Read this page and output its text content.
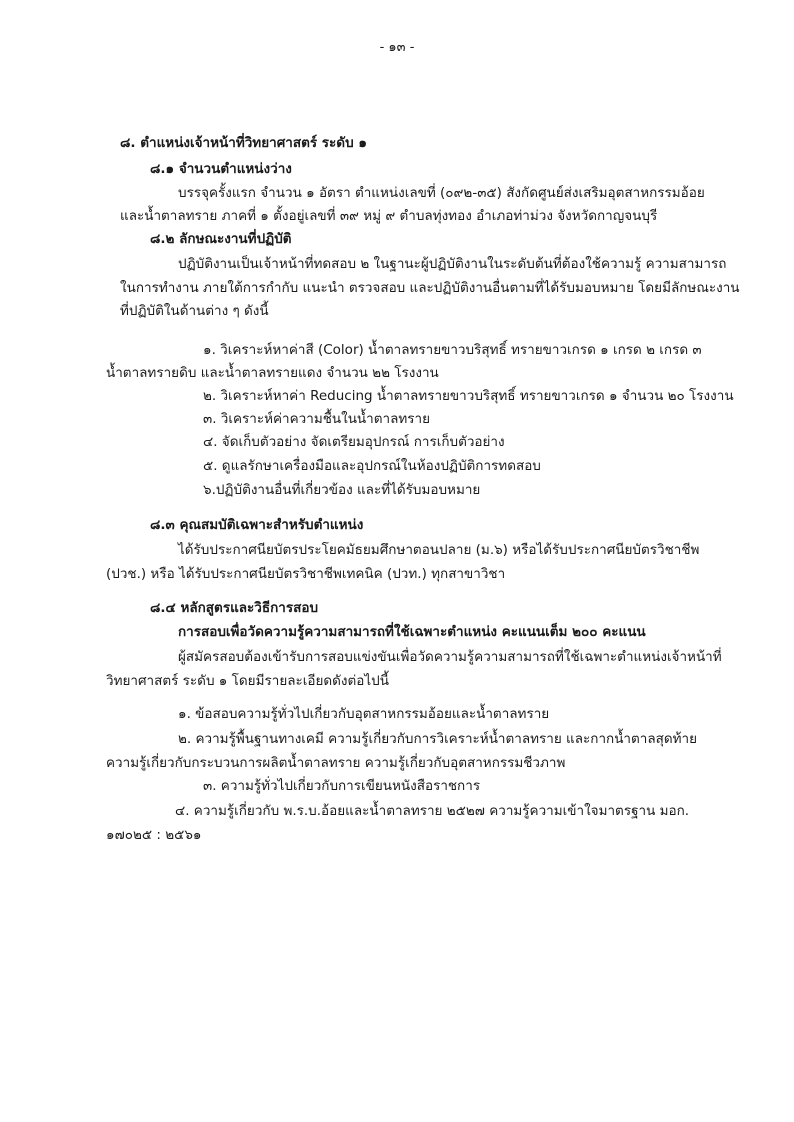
- ๑๓ -
๘. ตำแหน่งเจ้าหน้าที่วิทยาศาสตร์ ระดับ ๑
๘.๑ จำนวนตำแหน่งว่าง
บรรจุครั้งแรก จำนวน ๑ อัตรา ตำแหน่งเลขที่ (๐๙๒-๓๕) สังกัดศูนย์ส่งเสริมอุตสาหกรรมอ้อย
และน้ำตาลทราย ภาคที่ ๑ ตั้งอยู่เลขที่ ๓๙ หมู่ ๙ ตำบลทุ่งทอง อำเภอท่าม่วง จังหวัดกาญจนบุรี
๘.๒ ลักษณะงานที่ปฏิบัติ
ปฏิบัติงานเป็นเจ้าหน้าที่ทดสอบ ๒ ในฐานะผู้ปฏิบัติงานในระดับต้นที่ต้องใช้ความรู้ ความสามารถ
ในการทำงาน ภายใต้การกำกับ แนะนำ ตรวจสอบ และปฏิบัติงานอื่นตามที่ได้รับมอบหมาย โดยมีลักษณะงาน
ที่ปฏิบัติในด้านต่าง ๆ ดังนี้
๑. วิเคราะห์หาค่าสี (Color) น้ำตาลทรายขาวบริสุทธิ์ ทรายขาวเกรด ๑ เกรด ๒ เกรด ๓
น้ำตาลทรายดิบ และน้ำตาลทรายแดง จำนวน ๒๒ โรงงาน
๒. วิเคราะห์หาค่า Reducing น้ำตาลทรายขาวบริสุทธิ์ ทรายขาวเกรด ๑ จำนวน ๒๐ โรงงาน
๓. วิเคราะห์ค่าความชื้นในน้ำตาลทราย
๔. จัดเก็บตัวอย่าง จัดเตรียมอุปกรณ์ การเก็บตัวอย่าง
๕. ดูแลรักษาเครื่องมือและอุปกรณ์ในห้องปฏิบัติการทดสอบ
๖.ปฏิบัติงานอื่นที่เกี่ยวข้อง และที่ได้รับมอบหมาย
๘.๓ คุณสมบัติเฉพาะสำหรับตำแหน่ง
ได้รับประกาศนียบัตรประโยคมัธยมศึกษาตอนปลาย (ม.๖) หรือได้รับประกาศนียบัตรวิชาชีพ
(ปวช.) หรือ ได้รับประกาศนียบัตรวิชาชีพเทคนิค (ปวท.) ทุกสาขาวิชา
๘.๔ หลักสูตรและวิธีการสอบ
การสอบเพื่อวัดความรู้ความสามารถที่ใช้เฉพาะตำแหน่ง คะแนนเต็ม ๒๐๐ คะแนน
ผู้สมัครสอบต้องเข้ารับการสอบแข่งขันเพื่อวัดความรู้ความสามารถที่ใช้เฉพาะตำแหน่งเจ้าหน้าที่
วิทยาศาสตร์ ระดับ ๑ โดยมีรายละเอียดดังต่อไปนี้
๑. ข้อสอบความรู้ทั่วไปเกี่ยวกับอุตสาหกรรมอ้อยและน้ำตาลทราย
๒. ความรู้พื้นฐานทางเคมี ความรู้เกี่ยวกับการวิเคราะห์น้ำตาลทราย และกากน้ำตาลสุดท้าย
ความรู้เกี่ยวกับกระบวนการผลิตน้ำตาลทราย ความรู้เกี่ยวกับอุตสาหกรรมชีวภาพ
๓. ความรู้ทั่วไปเกี่ยวกับการเขียนหนังสือราชการ
๔. ความรู้เกี่ยวกับ พ.ร.บ.อ้อยและน้ำตาลทราย ๒๕๒๗ ความรู้ความเข้าใจมาตรฐาน มอก.
๑๗๐๒๕ : ๒๕๖๑
